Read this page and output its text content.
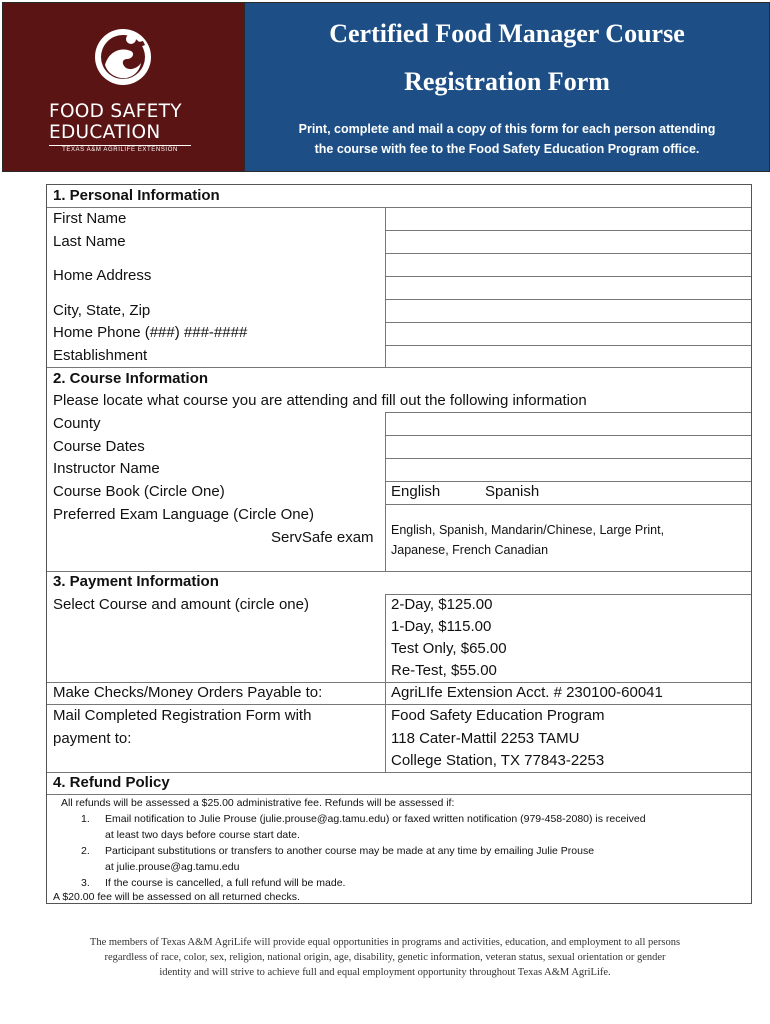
FOOD SAFETY
EDUCATION
TEXAS A&M AGRILIFE EXTENSION
Certified Food Manager Course
Registration Form
Print, complete and mail a copy of this form for each person attending
the course with fee to the Food Safety Education Program office.
1. Personal Information
First Name
Last Name
Home Address
City, State, Zip
Home Phone (###) ###-####
Establishment
2. Course Information
Please locate what course you are attending and fill out the following information
County
Course Dates
Instructor Name
Course Book (Circle One)	English	Spanish
Preferred Exam Language (Circle One)
ServSafe exam English, Spanish, Mandarin/Chinese, Large Print,
Japanese, French Canadian
3. Payment Information
Select Course and amount (circle one)	2-Day, $125.00
1-Day, $115.00
Test Only, $65.00
Re-Test, $55.00
Make Checks/Money Orders Payable to:	AgriLIfe Extension Acct. # 230100-60041
Mail Completed Registration Form with
payment to:
Food Safety Education Program
118 Cater-Mattil 2253 TAMU
College Station, TX 77843-2253
4. Refund Policy
All refunds will be assessed a $25.00 administrative fee. Refunds will be assessed if:
1. Email notification to Julie Prouse (julie.prouse@ag.tamu.edu) or faxed written notification (979-458-2080) is received
at least two days before course start date.
2. Participant substitutions or transfers to another course may be made at any time by emailing Julie Prouse
at julie.prouse@ag.tamu.edu
3. If the course is cancelled, a full refund will be made.
A $20.00 fee will be assessed on all returned checks.
The members of Texas A&M AgriLife will provide equal opportunities in programs and activities, education, and employment to all persons
regardless of race, color, sex, religion, national origin, age, disability, genetic information, veteran status, sexual orientation or gender
identity and will strive to achieve full and equal employment opportunity throughout Texas A&M AgriLife.
